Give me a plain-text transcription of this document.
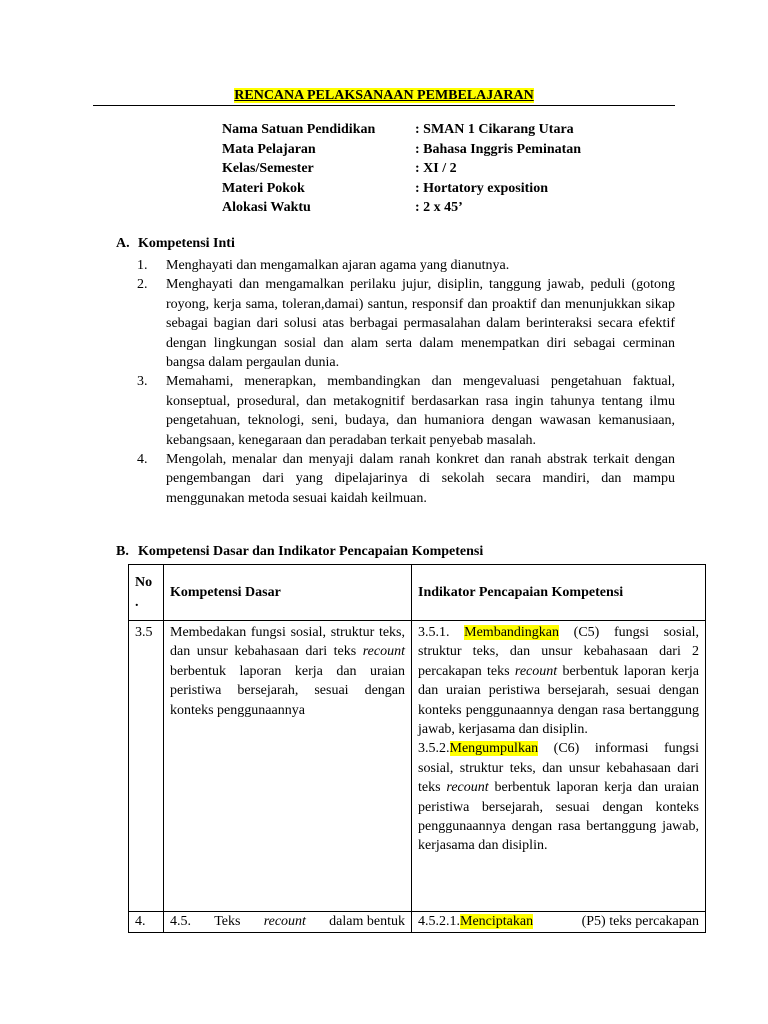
RENCANA PELAKSANAAN PEMBELAJARAN
Nama Satuan Pendidikan	: SMAN 1 Cikarang Utara
Mata Pelajaran	: Bahasa Inggris Peminatan
Kelas/Semester	: XI / 2
Materi Pokok	: Hortatory exposition
Alokasi Waktu	: 2 x 45’
A. Kompetensi Inti
1.	Menghayati dan mengamalkan ajaran agama yang dianutnya.
2.	Menghayati dan mengamalkan perilaku jujur, disiplin, tanggung jawab, peduli (gotong royong, kerja sama, toleran,damai) santun, responsif dan proaktif dan menunjukkan sikap sebagai bagian dari solusi atas berbagai permasalahan dalam berinteraksi secara efektif dengan lingkungan sosial dan alam serta dalam menempatkan diri sebagai cerminan bangsa dalam pergaulan dunia.
3.	Memahami, menerapkan, membandingkan dan mengevaluasi pengetahuan faktual, konseptual, prosedural, dan metakognitif berdasarkan rasa ingin tahunya tentang ilmu pengetahuan, teknologi, seni, budaya, dan humaniora dengan wawasan kemanusiaan, kebangsaan, kenegaraan dan peradaban terkait penyebab masalah.
4.	Mengolah, menalar dan menyaji dalam ranah konkret dan ranah abstrak terkait dengan pengembangan dari yang dipelajarinya di sekolah secara mandiri, dan mampu menggunakan metoda sesuai kaidah keilmuan.
B. Kompetensi Dasar dan Indikator Pencapaian Kompetensi
No .	Kompetensi Dasar	Indikator Pencapaian Kompetensi
3.5	Membedakan fungsi sosial, struktur teks, dan unsur kebahasaan dari teks recount berbentuk laporan kerja dan uraian peristiwa bersejarah, sesuai dengan konteks penggunaannya	3.5.1. Membandingkan (C5) fungsi sosial, struktur teks, dan unsur kebahasaan dari 2 percakapan teks recount berbentuk laporan kerja dan uraian peristiwa bersejarah, sesuai dengan konteks penggunaannya dengan rasa bertanggung jawab, kerjasama dan disiplin.
3.5.2.Mengumpulkan (C6) informasi fungsi sosial, struktur teks, dan unsur kebahasaan dari teks recount berbentuk laporan kerja dan uraian peristiwa bersejarah, sesuai dengan konteks penggunaannya dengan rasa bertanggung jawab, kerjasama dan disiplin.

4.	4.5. Teks recount dalam bentuk	4.5.2.1.Menciptakan (P5) teks percakapan
